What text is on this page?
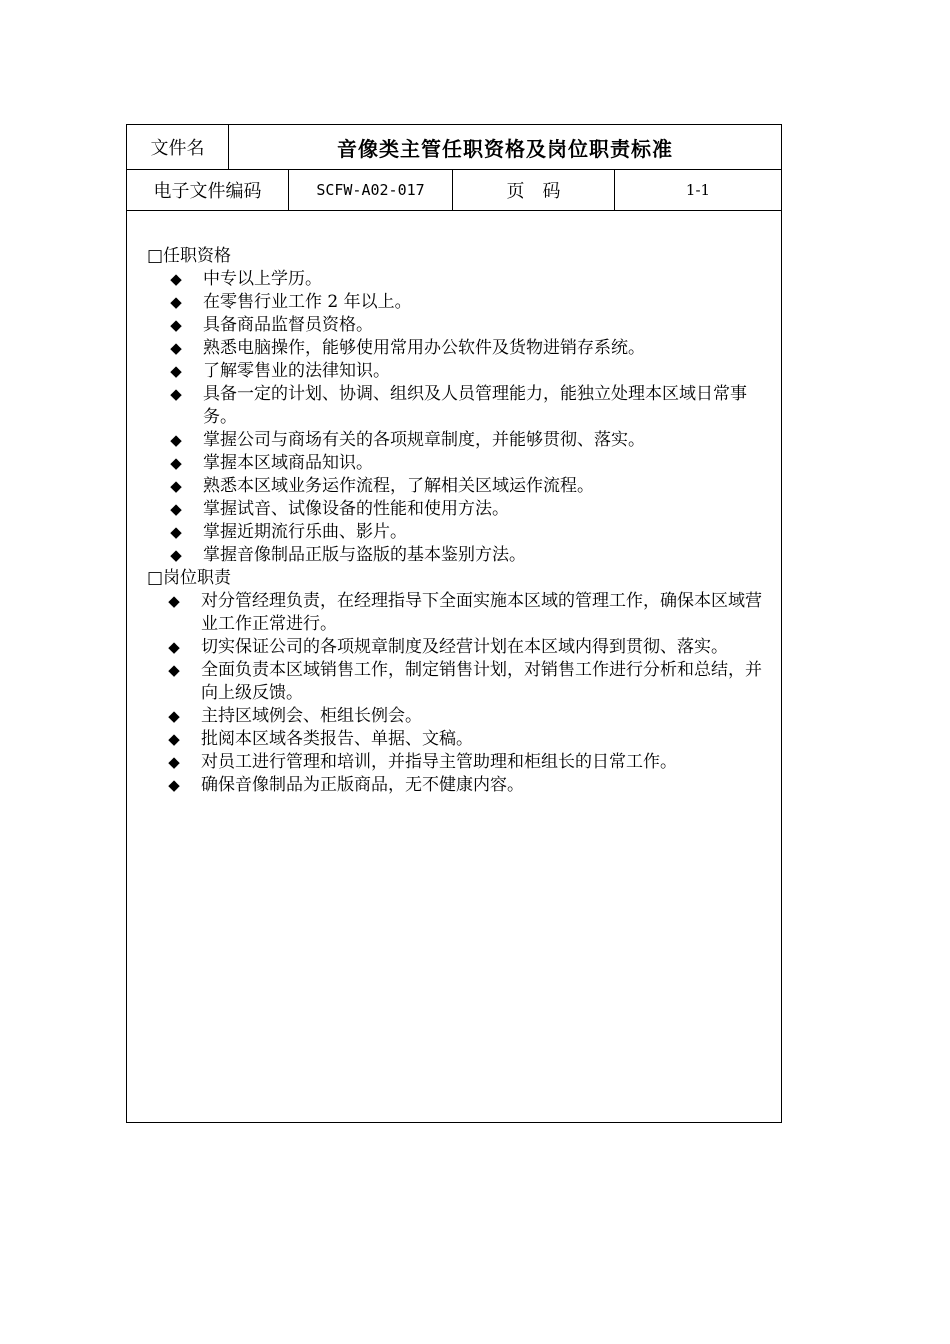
文件名	音像类主管任职资格及岗位职责标准
电子文件编码	SCFW-A02-017	页　码	1-1
□任职资格
◆ 中专以上学历。
◆ 在零售行业工作 2 年以上。
◆ 具备商品监督员资格。
◆ 熟悉电脑操作，能够使用常用办公软件及货物进销存系统。
◆ 了解零售业的法律知识。
◆ 具备一定的计划、协调、组织及人员管理能力，能独立处理本区域日常事务。
◆ 掌握公司与商场有关的各项规章制度，并能够贯彻、落实。
◆ 掌握本区域商品知识。
◆ 熟悉本区域业务运作流程，了解相关区域运作流程。
◆ 掌握试音、试像设备的性能和使用方法。
◆ 掌握近期流行乐曲、影片。
◆ 掌握音像制品正版与盗版的基本鉴别方法。
□岗位职责
◆ 对分管经理负责，在经理指导下全面实施本区域的管理工作，确保本区域营业工作正常进行。
◆ 切实保证公司的各项规章制度及经营计划在本区域内得到贯彻、落实。
◆ 全面负责本区域销售工作，制定销售计划，对销售工作进行分析和总结，并向上级反馈。
◆ 主持区域例会、柜组长例会。
◆ 批阅本区域各类报告、单据、文稿。
◆ 对员工进行管理和培训，并指导主管助理和柜组长的日常工作。
◆ 确保音像制品为正版商品，无不健康内容。
